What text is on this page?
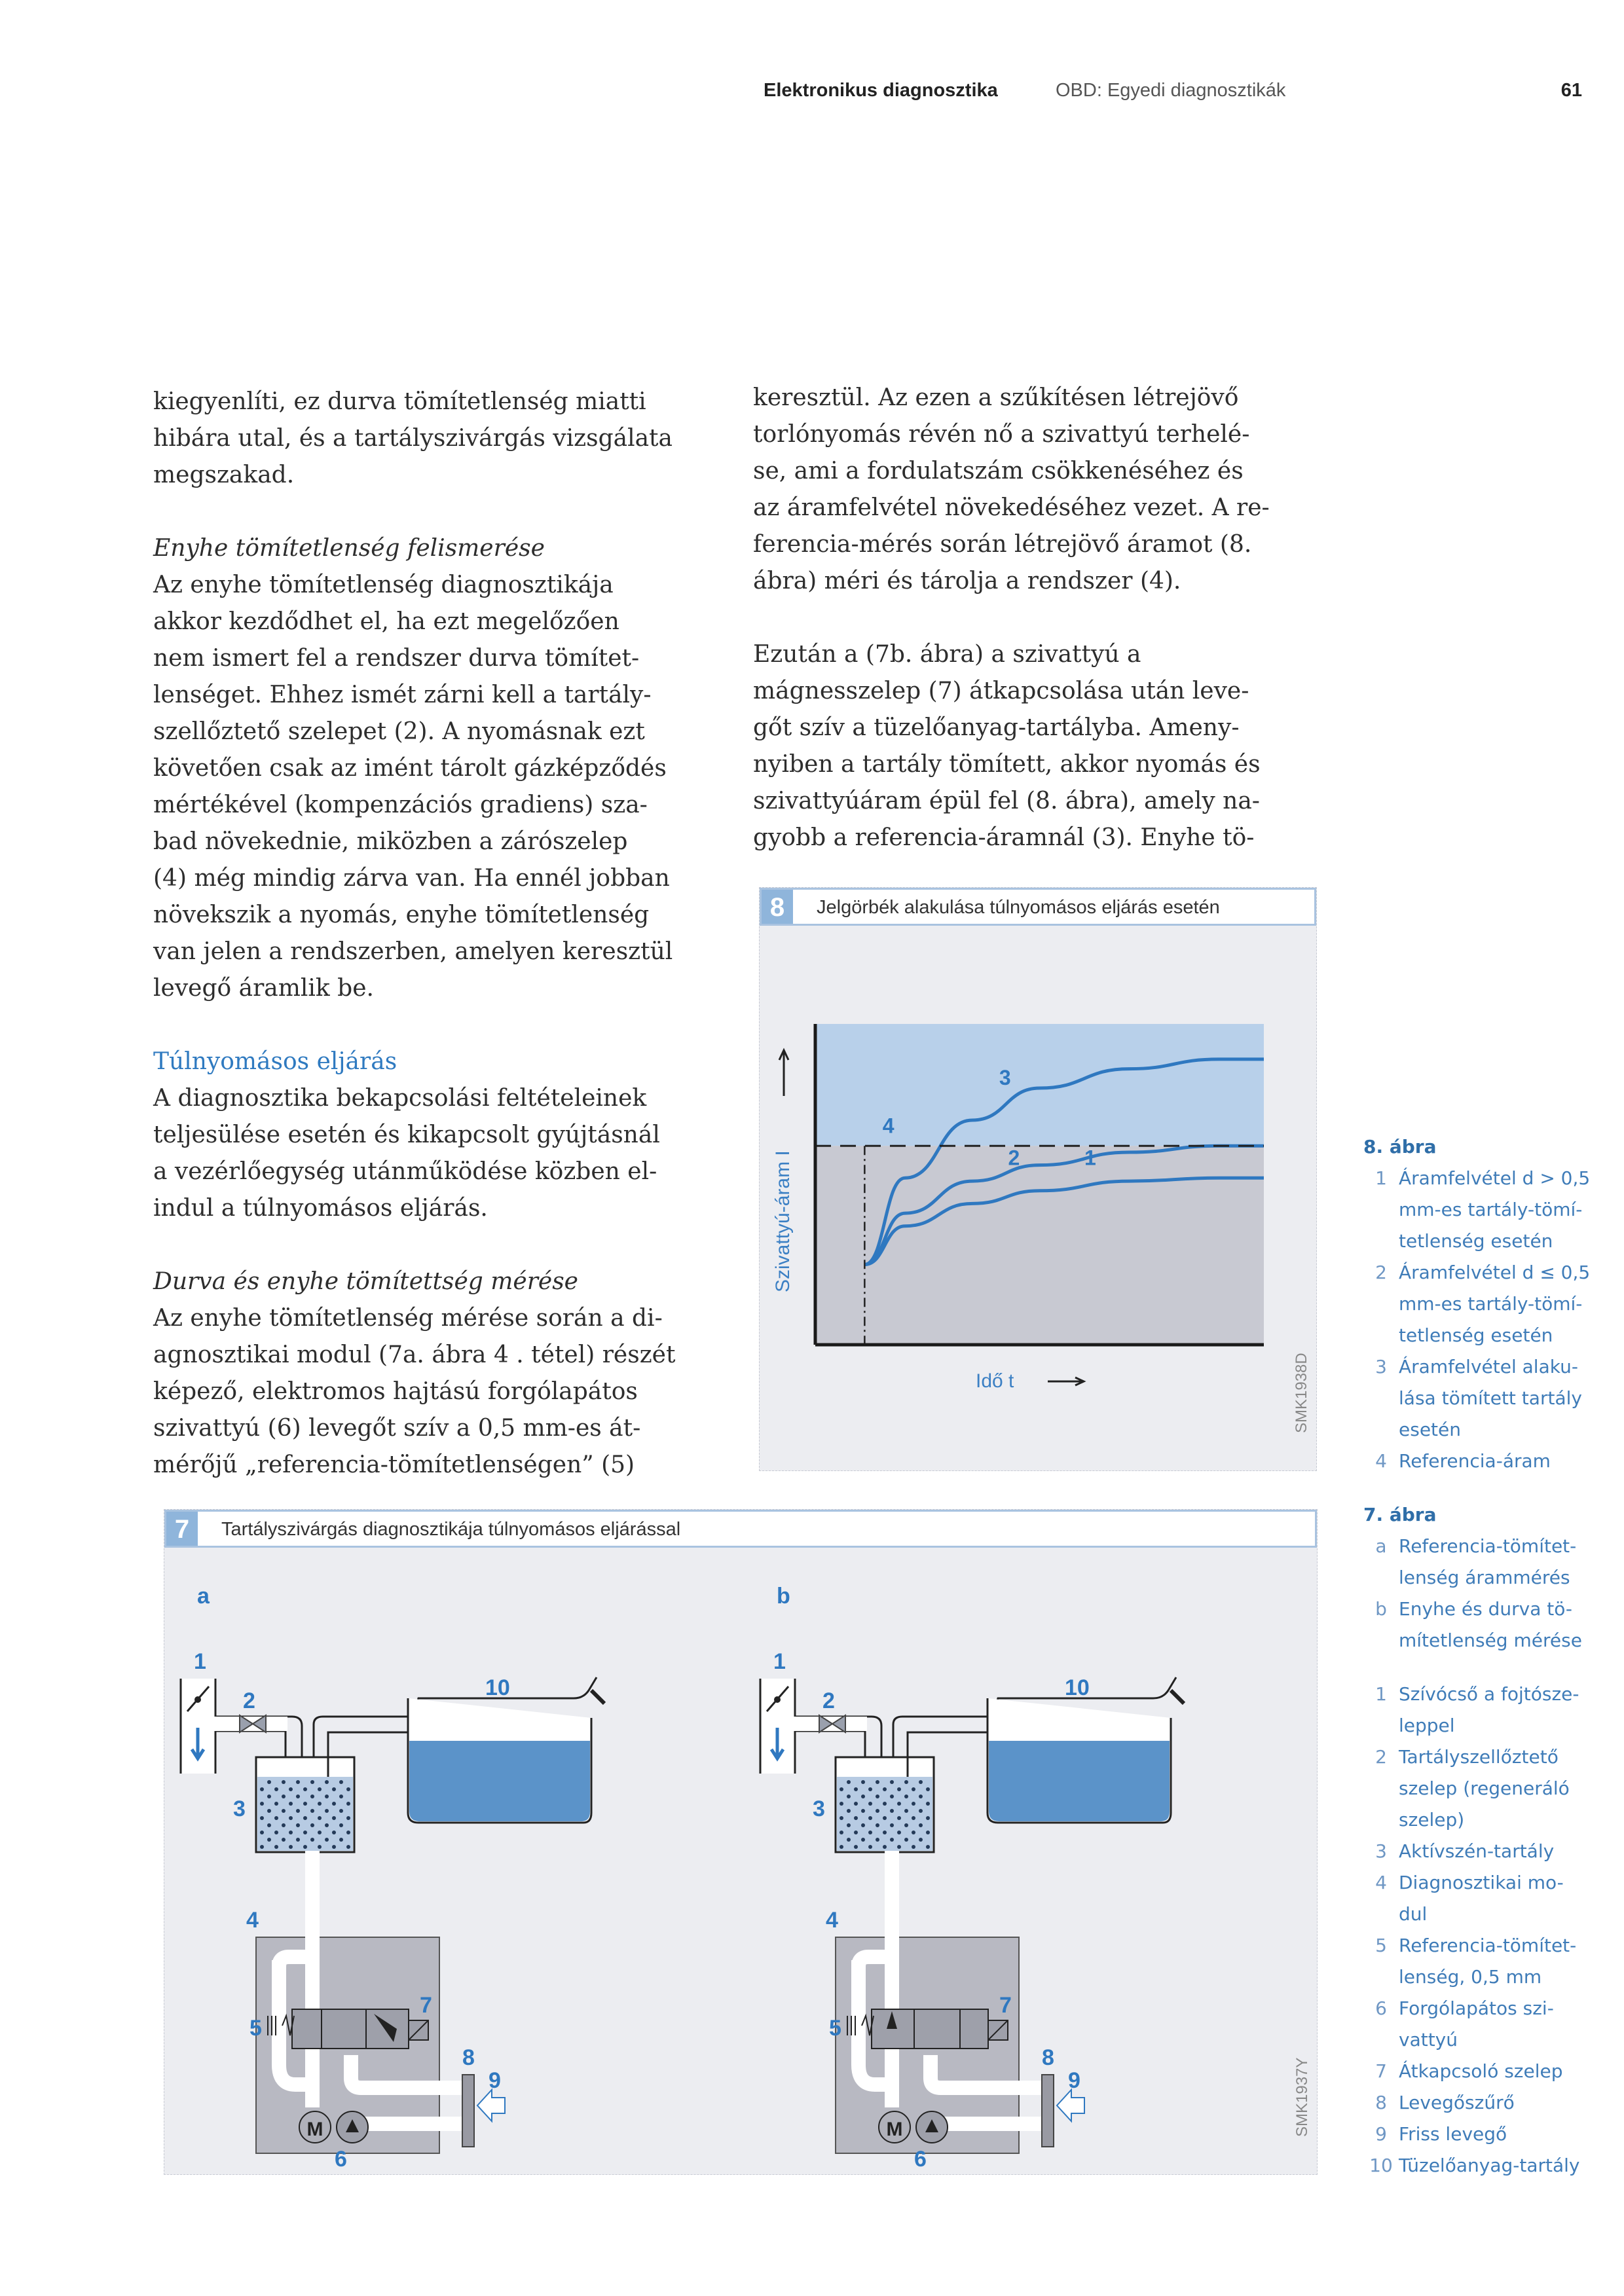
Elektronikus diagnosztika	OBD: Egyedi diagnosztikák	61

kiegyenlíti, ez durva tömítetlenség miatti

hibára utal, és a tartályszivárgás vizsgálata

megszakad.

Enyhe tömítetlenség felismerése

Az enyhe tömítetlenség diagnosztikája

akkor kezdődhet el, ha ezt megelőzően

nem ismert fel a rendszer durva tömítet-

lenséget. Ehhez ismét zárni kell a tartály-

szellőztető szelepet (2). A nyomásnak ezt

követően csak az imént tárolt gázképződés

mértékével (kompenzációs gradiens) sza-

bad növekednie, miközben a zárószelep

(4) még mindig zárva van. Ha ennél jobban

növekszik a nyomás, enyhe tömítetlenség

van jelen a rendszerben, amelyen keresztül

levegő áramlik be.

Túlnyomásos eljárás

A diagnosztika bekapcsolási feltételeinek

teljesülése esetén és kikapcsolt gyújtásnál

a vezérlőegység utánműködése közben el-

indul a túlnyomásos eljárás.

Durva és enyhe tömítettség mérése

Az enyhe tömítetlenség mérése során a di-

agnosztikai modul (7a. ábra 4 . tétel) részét

képező, elektromos hajtású forgólapátos

szivattyú (6) levegőt szív a 0,5 mm-es át-

mérőjű „referencia-tömítetlenségen” (5)

keresztül. Az ezen a szűkítésen létrejövő

torlónyomás révén nő a szivattyú terhelé-

se, ami a fordulatszám csökkenéséhez és

az áramfelvétel növekedéséhez vezet. A re-

ferencia-mérés során létrejövő áramot (8.

ábra) méri és tárolja a rendszer (4).

Ezután a (7b. ábra) a szivattyú a

mágnesszelep (7) átkapcsolása után leve-

gőt szív a tüzelőanyag-tartályba. Ameny-

nyiben a tartály tömített, akkor nyomás és

szivattyúáram épül fel (8. ábra), amely na-

gyobb a referencia-áramnál (3). Enyhe tö-

8	Jelgörbék alakulása túlnyomásos eljárás esetén
1
2
3
4
Szivattyú-áram I
Idő t	SMK1938D
7	Tartályszivárgás diagnosztikája túlnyomásos eljárással
a
M
1
2
3
4
5
6
7
8
9
10
b
M
1
2
3
4
5
6
7
8
9
10
SMK1937Y
8. ábra
1 Áramfelvétel d > 0,5
mm-es tartály-tömí-
tetlenség esetén
2 Áramfelvétel d ≤ 0,5
mm-es tartály-tömí-
tetlenség esetén
3 Áramfelvétel alaku-
lása tömített tartály
esetén
4 Referencia-áram
7. ábra
a Referencia-tömítet-
lenség árammérés
b Enyhe és durva tö-
mítetlenség mérése
1 Szívócső a fojtósze-
leppel
2 Tartályszellőztető
szelep (regeneráló
szelep)
3 Aktívszén-tartály
4 Diagnosztikai mo-
dul
5 Referencia-tömítet-
lenség, 0,5 mm
6 Forgólapátos szi-
vattyú
7 Átkapcsoló szelep
8 Levegőszűrő
9 Friss levegő
10 Tüzelőanyag-tartály
